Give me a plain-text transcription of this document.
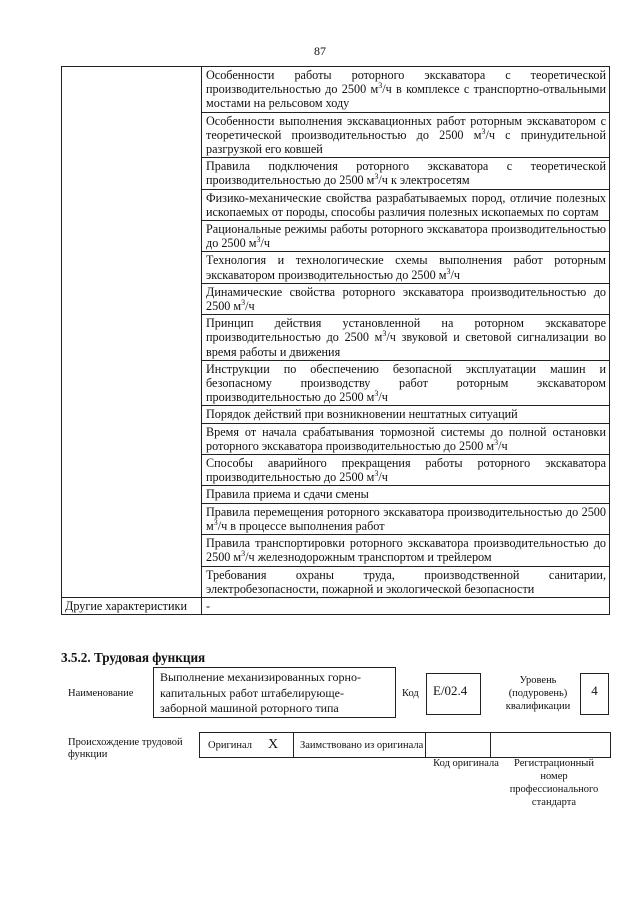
87
	Особенности работы роторного экскаватора с теоретической производительностью до 2500 $м^3/ч$ в комплексе с транспортно-отвальными мостами на рельсовом ходу
	Особенности выполнения экскавационных работ роторным экскаватором с теоретической производительностью до 2500 $м^3/ч$ с принудительной разгрузкой его ковшей
	Правила подключения роторного экскаватора с теоретической производительностью до 2500 $м^3/ч$ к электросетям
	Физико-механические свойства разрабатываемых пород, отличие полезных ископаемых от породы, способы различия полезных ископаемых по сортам
	Рациональные режимы работы роторного экскаватора производительностью до 2500 $м^3/ч$
	Технология и технологические схемы выполнения работ роторным экскаватором производительностью до 2500 $м^3/ч$
	Динамические свойства роторного экскаватора производительностью до 2500 $м^3/ч$
	Принцип действия установленной на роторном экскаваторе производительностью до 2500 $м^3/ч$ звуковой и световой сигнализации во время работы и движения
	Инструкции по обеспечению безопасной эксплуатации машин и безопасному производству работ роторным экскаватором производительностью до 2500 $м^3/ч$
	Порядок действий при возникновении нештатных ситуаций
	Время от начала срабатывания тормозной системы до полной остановки роторного экскаватора производительностью до 2500 $м^3/ч$
	Способы аварийного прекращения работы роторного экскаватора производительностью до 2500 $м^3/ч$
	Правила приема и сдачи смены
	Правила перемещения роторного экскаватора производительностью до 2500 $м^3/ч$ в процессе выполнения работ
	Правила транспортировки роторного экскаватора производительностью до 2500 $м^3/ч$ железнодорожным транспортом и трейлером
	Требования охраны труда, производственной санитарии, электробезопасности, пожарной и экологической безопасности
Другие характеристики	-
3.5.2. Трудовая функция
Наименование
Выполнение механизированных горно-капитальных работ штабелирующе-заборной машиной роторного типа
Код	E/02.4
Уровень (подуровень) квалификации
4
Происхождение трудовой функции
Оригинал X	Заимствовано из оригинала		
Код оригинала	Регистрационный номер профессионального стандарта
